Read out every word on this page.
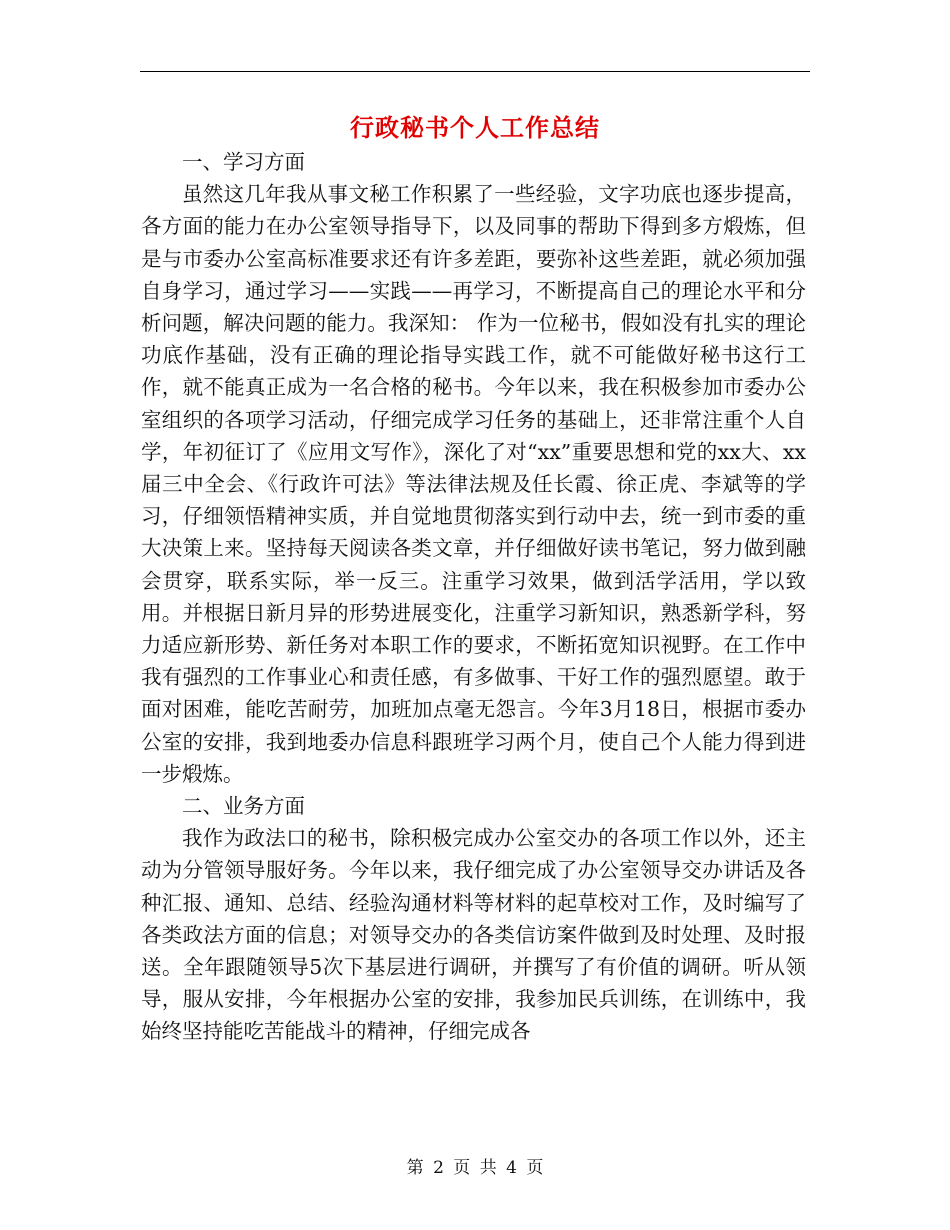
行政秘书个人工作总结

一、学习方面

虽然这几年我从事文秘工作积累了一些经验，文字功底也逐步提高，各方面的能力在办公室领导指导下，以及同事的帮助下得到多方煅炼，但是与市委办公室高标准要求还有许多差距，要弥补这些差距，就必须加强自身学习，通过学习——实践——再学习，不断提高自己的理论水平和分析问题，解决问题的能力。我深知： 作为一位秘书，假如没有扎实的理论功底作基础，没有正确的理论指导实践工作，就不可能做好秘书这行工作，就不能真正成为一名合格的秘书。今年以来，我在积极参加市委办公室组织的各项学习活动，仔细完成学习任务的基础上，还非常注重个人自学，年初征订了《应用文写作》，深化了对“xx”重要思想和党的xx大、xx届三中全会、《行政许可法》等法律法规及任长霞、徐正虎、李斌等的学习，仔细领悟精神实质，并自觉地贯彻落实到行动中去，统一到市委的重大决策上来。坚持每天阅读各类文章，并仔细做好读书笔记，努力做到融会贯穿，联系实际，举一反三。注重学习效果，做到活学活用，学以致用。并根据日新月异的形势进展变化，注重学习新知识，熟悉新学科，努力适应新形势、新任务对本职工作的要求，不断拓宽知识视野。在工作中我有强烈的工作事业心和责任感，有多做事、干好工作的强烈愿望。敢于面对困难，能吃苦耐劳，加班加点毫无怨言。今年3月18日，根据市委办公室的安排，我到地委办信息科跟班学习两个月，使自己个人能力得到进一步煅炼。

二、业务方面

我作为政法口的秘书，除积极完成办公室交办的各项工作以外，还主动为分管领导服好务。今年以来，我仔细完成了办公室领导交办讲话及各种汇报、通知、总结、经验沟通材料等材料的起草校对工作，及时编写了各类政法方面的信息；对领导交办的各类信访案件做到及时处理、及时报送。全年跟随领导5次下基层进行调研，并撰写了有价值的调研。听从领导，服从安排，今年根据办公室的安排，我参加民兵训练，在训练中，我始终坚持能吃苦能战斗的精神，仔细完成各

第 2 页 共 4 页
